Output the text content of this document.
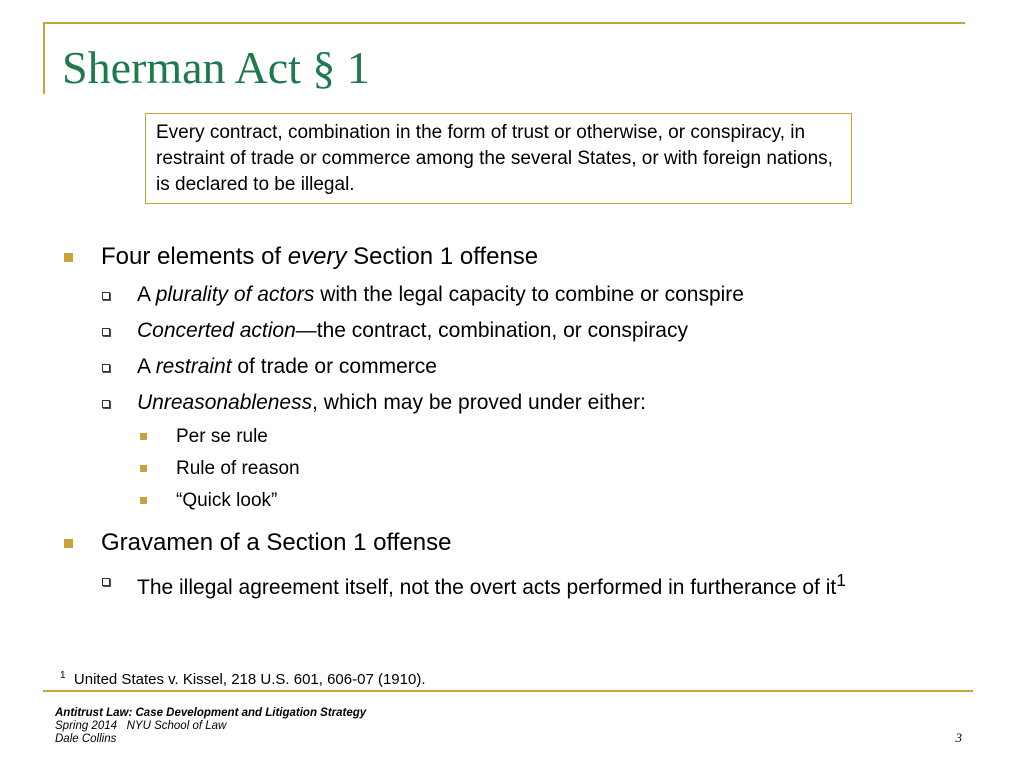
Sherman Act § 1
Every contract, combination in the form of trust or otherwise, or conspiracy, in restraint of trade or commerce among the several States, or with foreign nations, is declared to be illegal.
Four elements of every Section 1 offense
A plurality of actors with the legal capacity to combine or conspire
Concerted action—the contract, combination, or conspiracy
A restraint of trade or commerce
Unreasonableness, which may be proved under either:
Per se rule
Rule of reason
“Quick look”
Gravamen of a Section 1 offense
The illegal agreement itself, not the overt acts performed in furtherance of $it^1$
$^1$ United States v. Kissel, 218 U.S. 601, 606-07 (1910).
Antitrust Law: Case Development and Litigation Strategy
Spring 2014   NYU School of Law
Dale Collins	3
